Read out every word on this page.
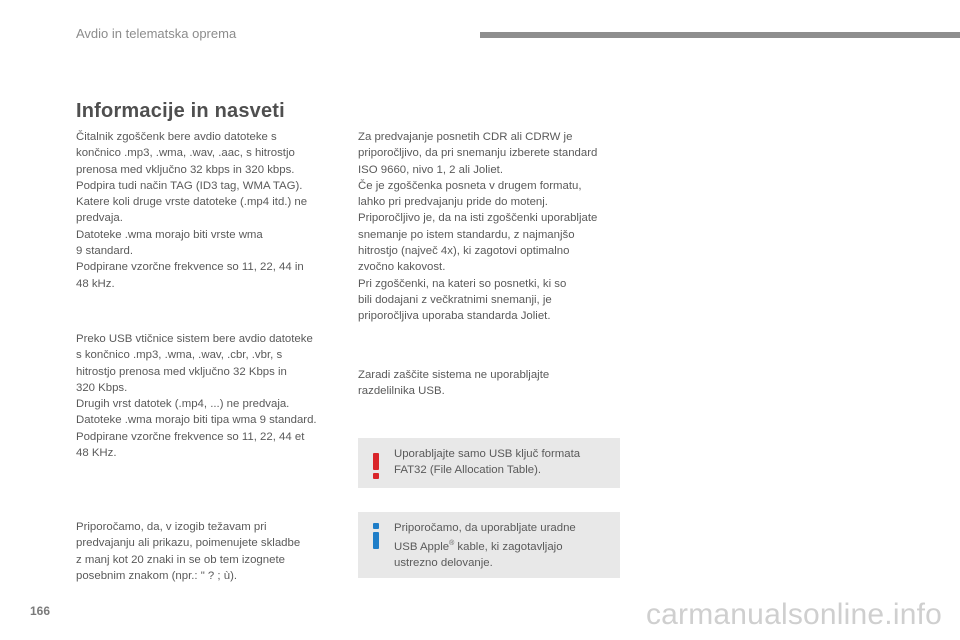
Avdio in telematska oprema
Informacije in nasveti
Čitalnik zgoščenk bere avdio datoteke s
končnico .mp3, .wma, .wav, .aac, s hitrostjo
prenosa med vključno 32 kbps in 320 kbps.
Podpira tudi način TAG (ID3 tag, WMA TAG).
Katere koli druge vrste datoteke (.mp4 itd.) ne
predvaja.
Datoteke .wma morajo biti vrste wma
9 standard.
Podpirane vzorčne frekvence so 11, 22, 44 in
48 kHz.
Preko USB vtičnice sistem bere avdio datoteke
s končnico .mp3, .wma, .wav, .cbr, .vbr, s
hitrostjo prenosa med vključno 32 Kbps in
320 Kbps.
Drugih vrst datotek (.mp4, ...) ne predvaja.
Datoteke .wma morajo biti tipa wma 9 standard.
Podpirane vzorčne frekvence so 11, 22, 44 et
48 KHz.
Priporočamo, da, v izogib težavam pri
predvajanju ali prikazu, poimenujete skladbe
z manj kot 20 znaki in se ob tem izognete
posebnim znakom (npr.: " ? ; ù).
Za predvajanje posnetih CDR ali CDRW je
priporočljivo, da pri snemanju izberete standard
ISO 9660, nivo 1, 2 ali Joliet.
Če je zgoščenka posneta v drugem formatu,
lahko pri predvajanju pride do motenj.
Priporočljivo je, da na isti zgoščenki uporabljate
snemanje po istem standardu, z najmanjšo
hitrostjo (največ 4x), ki zagotovi optimalno
zvočno kakovost.
Pri zgoščenki, na kateri so posnetki, ki so
bili dodajani z večkratnimi snemanji, je
priporočljiva uporaba standarda Joliet.
Zaradi zaščite sistema ne uporabljajte
razdelilnika USB.
Uporabljajte samo USB ključ formata
FAT32 (File Allocation Table).
Priporočamo, da uporabljate uradne
USB Apple® kable, ki zagotavljajo
ustrezno delovanje.
166	carmanualsonline.info
